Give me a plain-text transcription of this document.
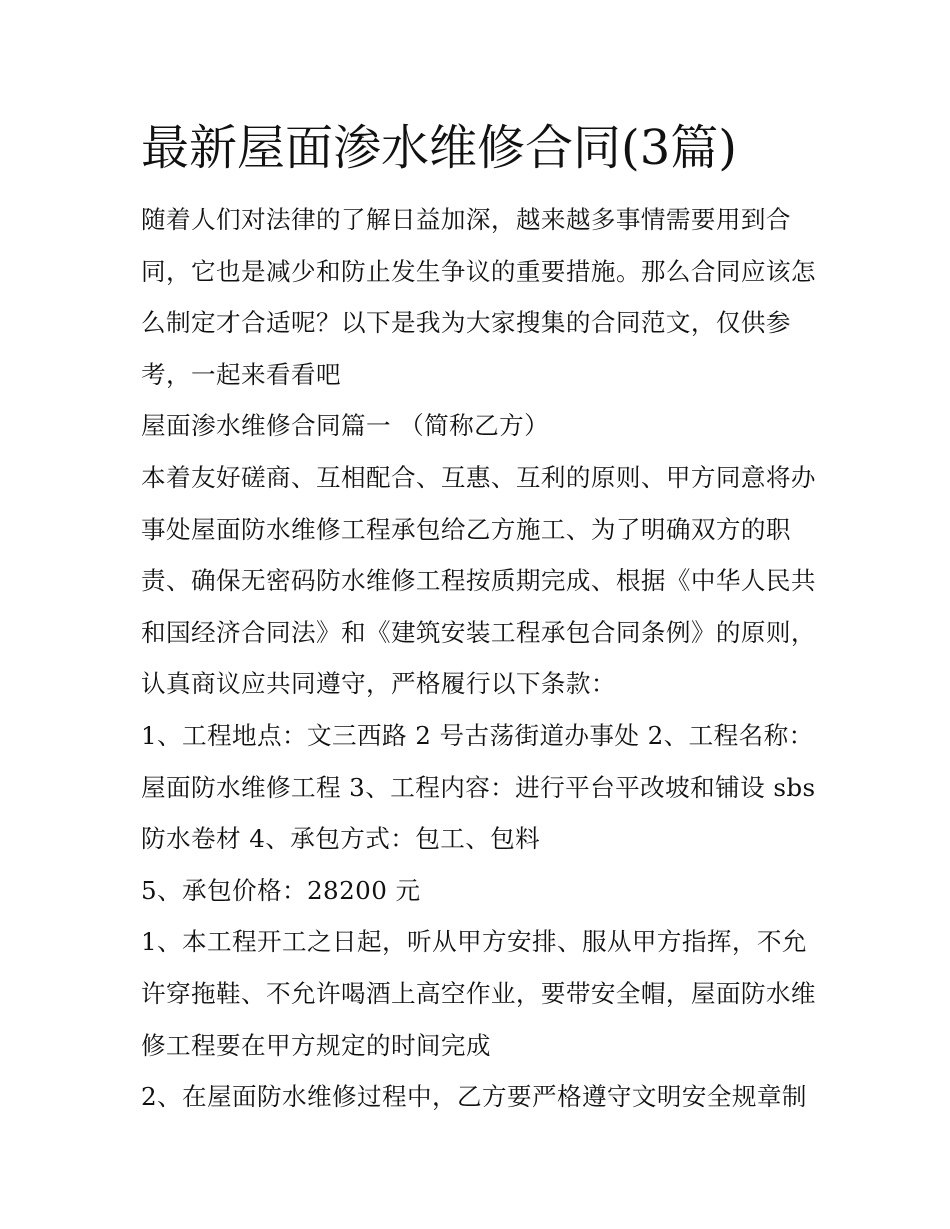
最新屋面渗水维修合同(3篇)

随着人们对法律的了解日益加深，越来越多事情需要用到合同，它也是减少和防止发生争议的重要措施。那么合同应该怎么制定才合适呢？以下是我为大家搜集的合同范文，仅供参考，一起来看看吧

屋面渗水维修合同篇一 （简称乙方）

本着友好磋商、互相配合、互惠、互利的原则、甲方同意将办事处屋面防水维修工程承包给乙方施工、为了明确双方的职责、确保无密码防水维修工程按质期完成、根据《中华人民共和国经济合同法》和《建筑安装工程承包合同条例》的原则，认真商议应共同遵守，严格履行以下条款：

1、工程地点：文三西路 2 号古荡街道办事处 2、工程名称：屋面防水维修工程 3、工程内容：进行平台平改坡和铺设 sbs 防水卷材 4、承包方式：包工、包料

5、承包价格：28200 元

1、本工程开工之日起，听从甲方安排、服从甲方指挥，不允许穿拖鞋、不允许喝酒上高空作业，要带安全帽，屋面防水维修工程要在甲方规定的时间完成

2、在屋面防水维修过程中，乙方要严格遵守文明安全规章制
